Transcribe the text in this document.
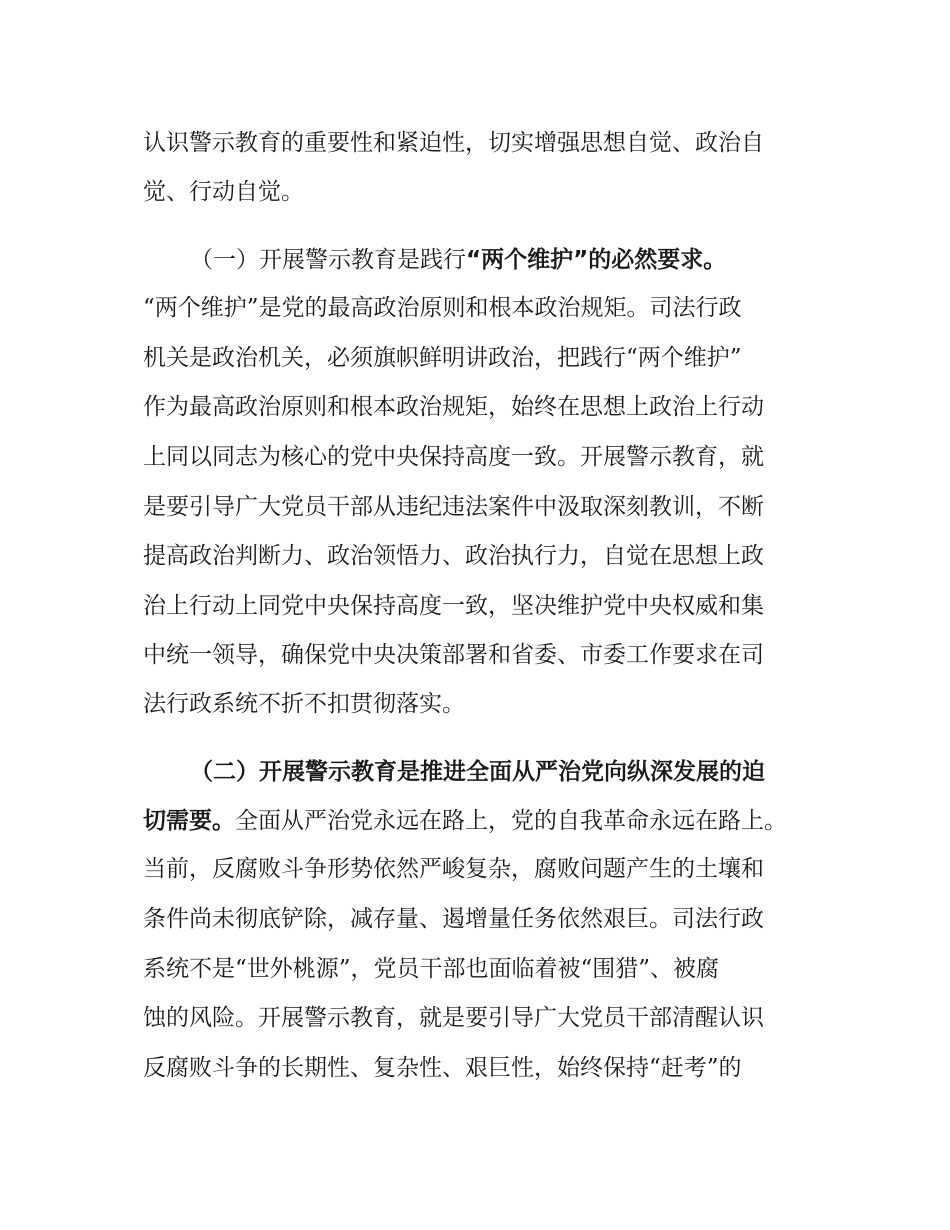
认识警示教育的重要性和紧迫性，切实增强思想自觉、政治自
觉、行动自觉。
（一）开展警示教育是践行“两个维护”的必然要求。
“两个维护”是党的最高政治原则和根本政治规矩。司法行政
机关是政治机关，必须旗帜鲜明讲政治，把践行“两个维护”
作为最高政治原则和根本政治规矩，始终在思想上政治上行动
上同以同志为核心的党中央保持高度一致。开展警示教育，就
是要引导广大党员干部从违纪违法案件中汲取深刻教训，不断
提高政治判断力、政治领悟力、政治执行力，自觉在思想上政
治上行动上同党中央保持高度一致，坚决维护党中央权威和集
中统一领导，确保党中央决策部署和省委、市委工作要求在司
法行政系统不折不扣贯彻落实。
（二）开展警示教育是推进全面从严治党向纵深发展的迫
切需要。全面从严治党永远在路上，党的自我革命永远在路上。
当前，反腐败斗争形势依然严峻复杂，腐败问题产生的土壤和
条件尚未彻底铲除，减存量、遏增量任务依然艰巨。司法行政
系统不是“世外桃源”，党员干部也面临着被“围猎”、被腐
蚀的风险。开展警示教育，就是要引导广大党员干部清醒认识
反腐败斗争的长期性、复杂性、艰巨性，始终保持“赶考”的
